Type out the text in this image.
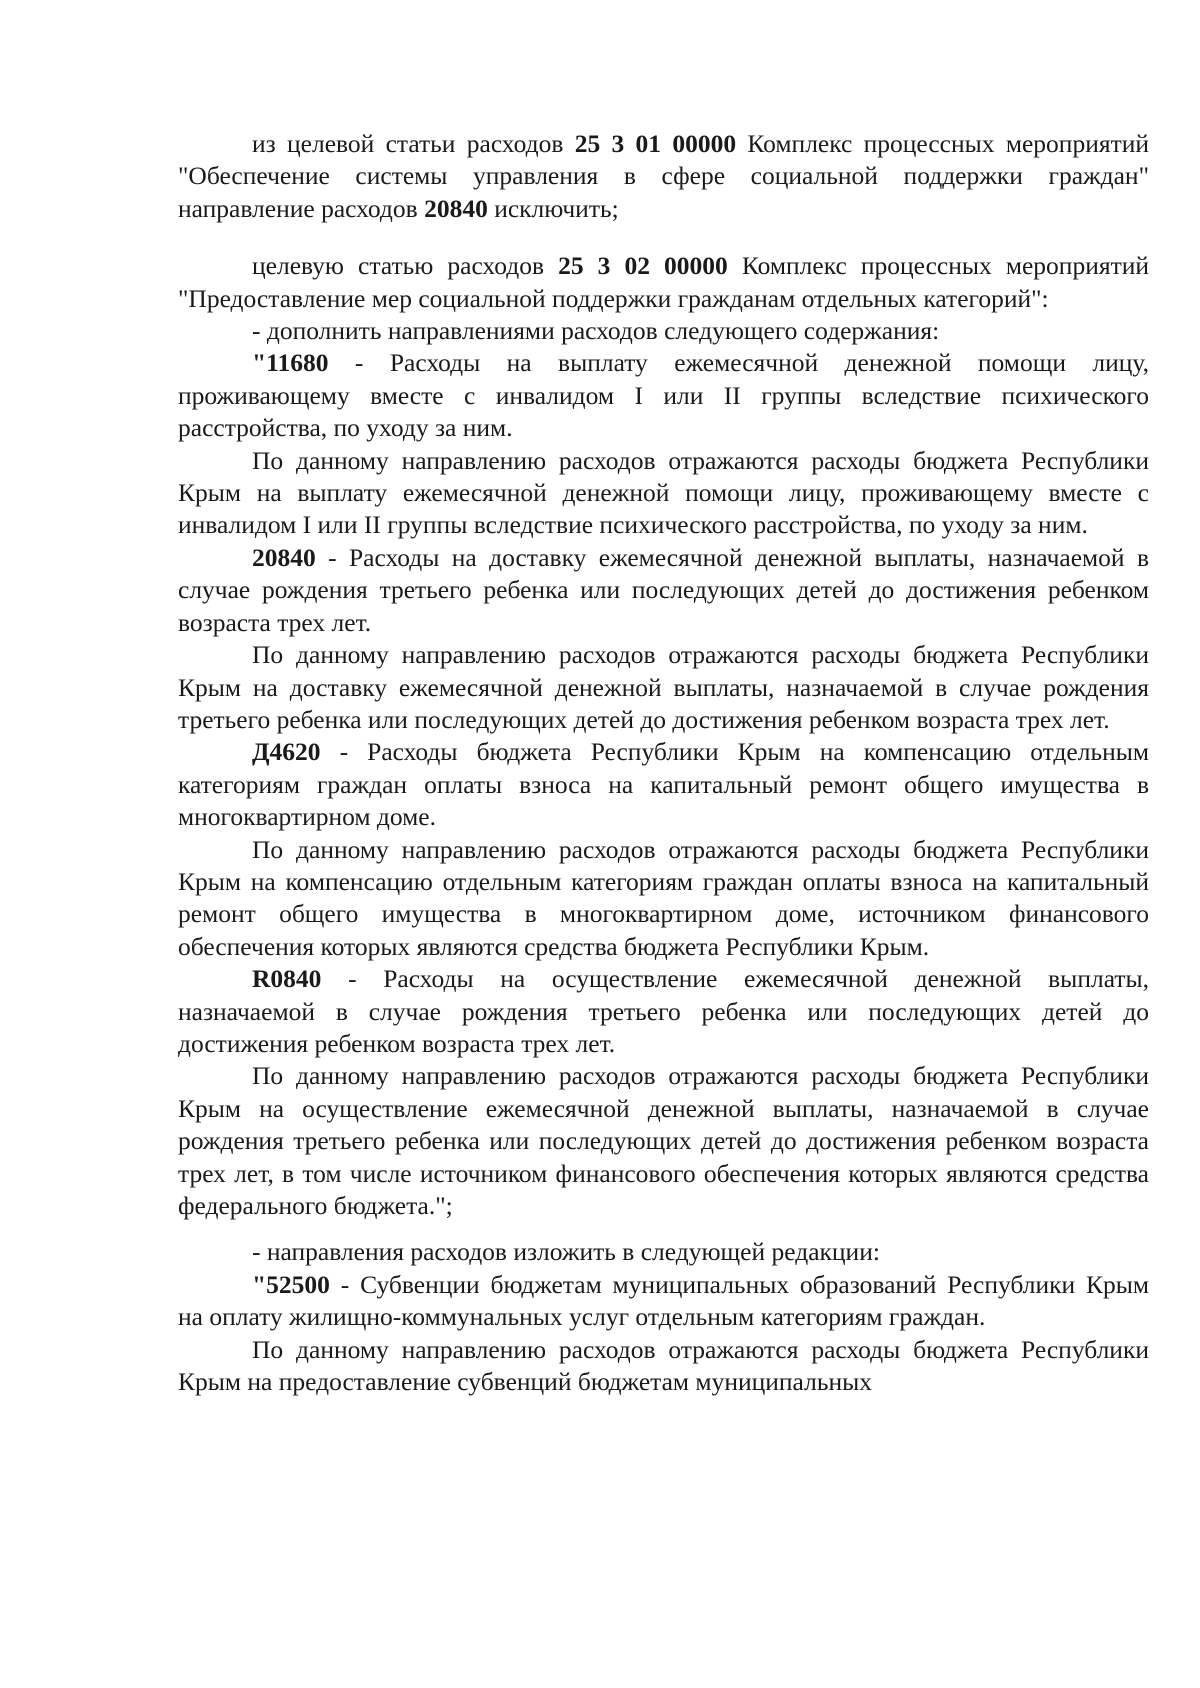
из целевой статьи расходов 25 3 01 00000 Комплекс процессных мероприятий "Обеспечение системы управления в сфере социальной поддержки граждан" направление расходов 20840 исключить;

целевую статью расходов 25 3 02 00000 Комплекс процессных мероприятий "Предоставление мер социальной поддержки гражданам отдельных категорий":

- дополнить направлениями расходов следующего содержания:

"11680 - Расходы на выплату ежемесячной денежной помощи лицу, проживающему вместе с инвалидом I или II группы вследствие психического расстройства, по уходу за ним.

По данному направлению расходов отражаются расходы бюджета Республики Крым на выплату ежемесячной денежной помощи лицу, проживающему вместе с инвалидом I или II группы вследствие психического расстройства, по уходу за ним.

20840 - Расходы на доставку ежемесячной денежной выплаты, назначаемой в случае рождения третьего ребенка или последующих детей до достижения ребенком возраста трех лет.

По данному направлению расходов отражаются расходы бюджета Республики Крым на доставку ежемесячной денежной выплаты, назначаемой в случае рождения третьего ребенка или последующих детей до достижения ребенком возраста трех лет.

Д4620 - Расходы бюджета Республики Крым на компенсацию отдельным категориям граждан оплаты взноса на капитальный ремонт общего имущества в многоквартирном доме.

По данному направлению расходов отражаются расходы бюджета Республики Крым на компенсацию отдельным категориям граждан оплаты взноса на капитальный ремонт общего имущества в многоквартирном доме, источником финансового обеспечения которых являются средства бюджета Республики Крым.

R0840 - Расходы на осуществление ежемесячной денежной выплаты, назначаемой в случае рождения третьего ребенка или последующих детей до достижения ребенком возраста трех лет.

По данному направлению расходов отражаются расходы бюджета Республики Крым на осуществление ежемесячной денежной выплаты, назначаемой в случае рождения третьего ребенка или последующих детей до достижения ребенком возраста трех лет, в том числе источником финансового обеспечения которых являются средства федерального бюджета.";

- направления расходов изложить в следующей редакции:

"52500 - Субвенции бюджетам муниципальных образований Республики Крым на оплату жилищно-коммунальных услуг отдельным категориям граждан.

По данному направлению расходов отражаются расходы бюджета Республики Крым на предоставление субвенций бюджетам муниципальных
